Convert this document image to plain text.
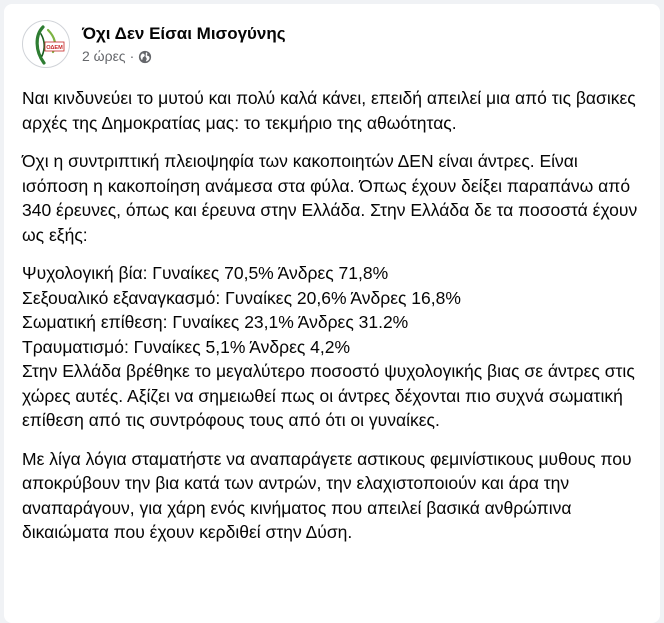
ΟΔΕΜ
Όχι Δεν Είσαι Μισογύνης
2 ώρες ·

Ναι κινδυνεύει το μυτού και πολύ καλά κάνει, επειδή απειλεί μια από τις βασικες αρχές της Δημοκρατίας μας: το τεκμήριο της αθωότητας.

Όχι η συντριπτική πλειοψηφία των κακοποιητών ΔΕΝ είναι άντρες. Είναι ισόποση η κακοποίηση ανάμεσα στα φύλα. Όπως έχουν δείξει παραπάνω από 340 έρευνες, όπως και έρευνα στην Ελλάδα. Στην Ελλάδα δε τα ποσοστά έχουν ως εξής:

Ψυχολογική βία: Γυναίκες 70,5% Άνδρες 71,8%
Σεξουαλικό εξαναγκασμό: Γυναίκες 20,6% Άνδρες 16,8%
Σωματική επίθεση: Γυναίκες 23,1% Άνδρες 31.2%
Τραυματισμό: Γυναίκες 5,1% Άνδρες 4,2%

Στην Ελλάδα βρέθηκε το μεγαλύτερο ποσοστό ψυχολογικής βιας σε άντρες στις χώρες αυτές. Αξίζει να σημειωθεί πως οι άντρες δέχονται πιο συχνά σωματική επίθεση από τις συντρόφους τους από ότι οι γυναίκες.

Με λίγα λόγια σταματήστε να αναπαράγετε αστικους φεμινίστικους μυθους που αποκρύβουν την βια κατά των αντρών, την ελαχιστοποιούν και άρα την αναπαράγουν, για χάρη ενός κινήματος που απειλεί βασικά ανθρώπινα δικαιώματα που έχουν κερδιθεί στην Δύση.
